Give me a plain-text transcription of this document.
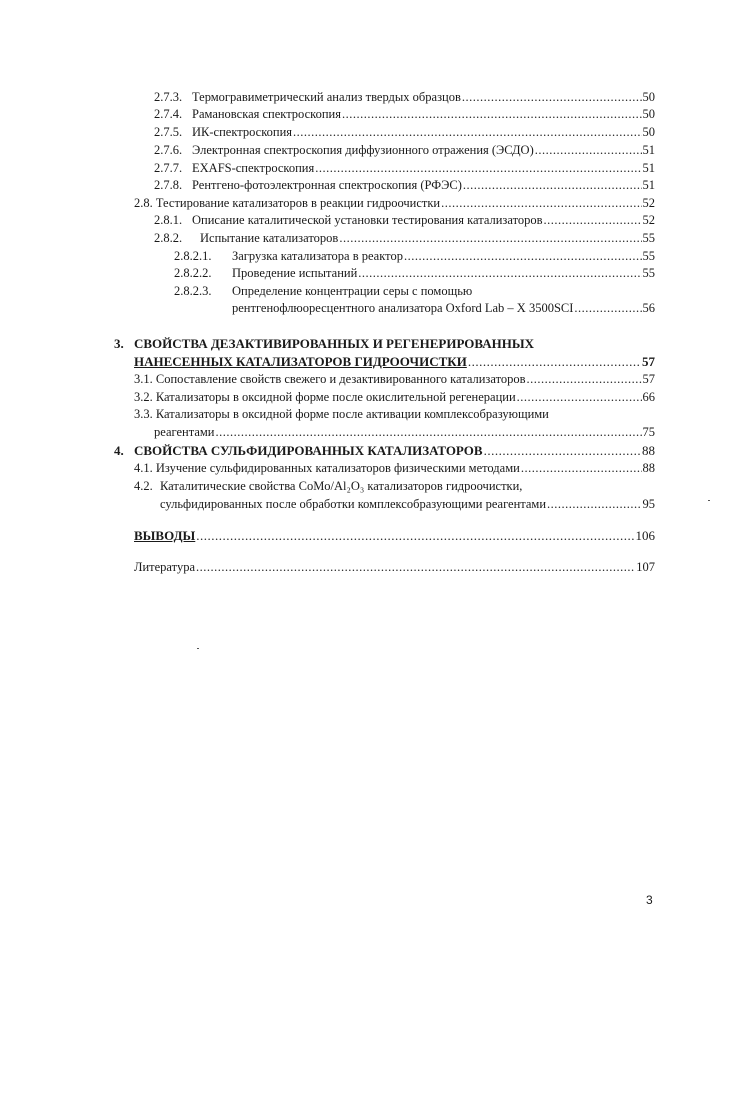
2.7.3. Термогравиметрический анализ твердых образцов .....	50
2.7.4. Рамановская спектроскопия .....	50
2.7.5. ИК-спектроскопия .....	50
2.7.6. Электронная спектроскопия диффузионного отражения (ЭСДО) .....	51
2.7.7. EXAFS-спектроскопия .....	51
2.7.8. Рентгено-фотоэлектронная спектроскопия (РФЭС) .....	51
2.8. Тестирование катализаторов в реакции гидроочистки .....	52
2.8.1. Описание каталитической установки тестирования катализаторов .....	52
2.8.2.	Испытание катализаторов .....	55
2.8.2.1.	Загрузка катализатора в реактор .....	55
2.8.2.2.	Проведение испытаний .....	55
2.8.2.3. Определение концентрации серы с помощью
рентгенофлюоресцентного анализатора Oxford Lab – X 3500SCI .....	56
3. СВОЙСТВА ДЕЗАКТИВИРОВАННЫХ И РЕГЕНЕРИРОВАННЫХ
НАНЕСЕННЫХ КАТАЛИЗАТОРОВ ГИДРООЧИСТКИ .....	57
3.1. Сопоставление свойств свежего и дезактивированного катализаторов .....	57
3.2. Катализаторы в оксидной форме после окислительной регенерации .....	66
3.3. Катализаторы в оксидной форме после активации комплексобразующими
реагентами .....	75
4. СВОЙСТВА СУЛЬФИДИРОВАННЫХ КАТАЛИЗАТОРОВ .....	88
4.1. Изучение сульфидированных катализаторов физическими методами .....	88
4.2. Каталитические свойства CoMo/Al₂O₃ катализаторов гидроочистки,
сульфидированных после обработки комплексобразующими реагентами .....	95
ВЫВОДЫ .....	106
Литература .....	107
3
